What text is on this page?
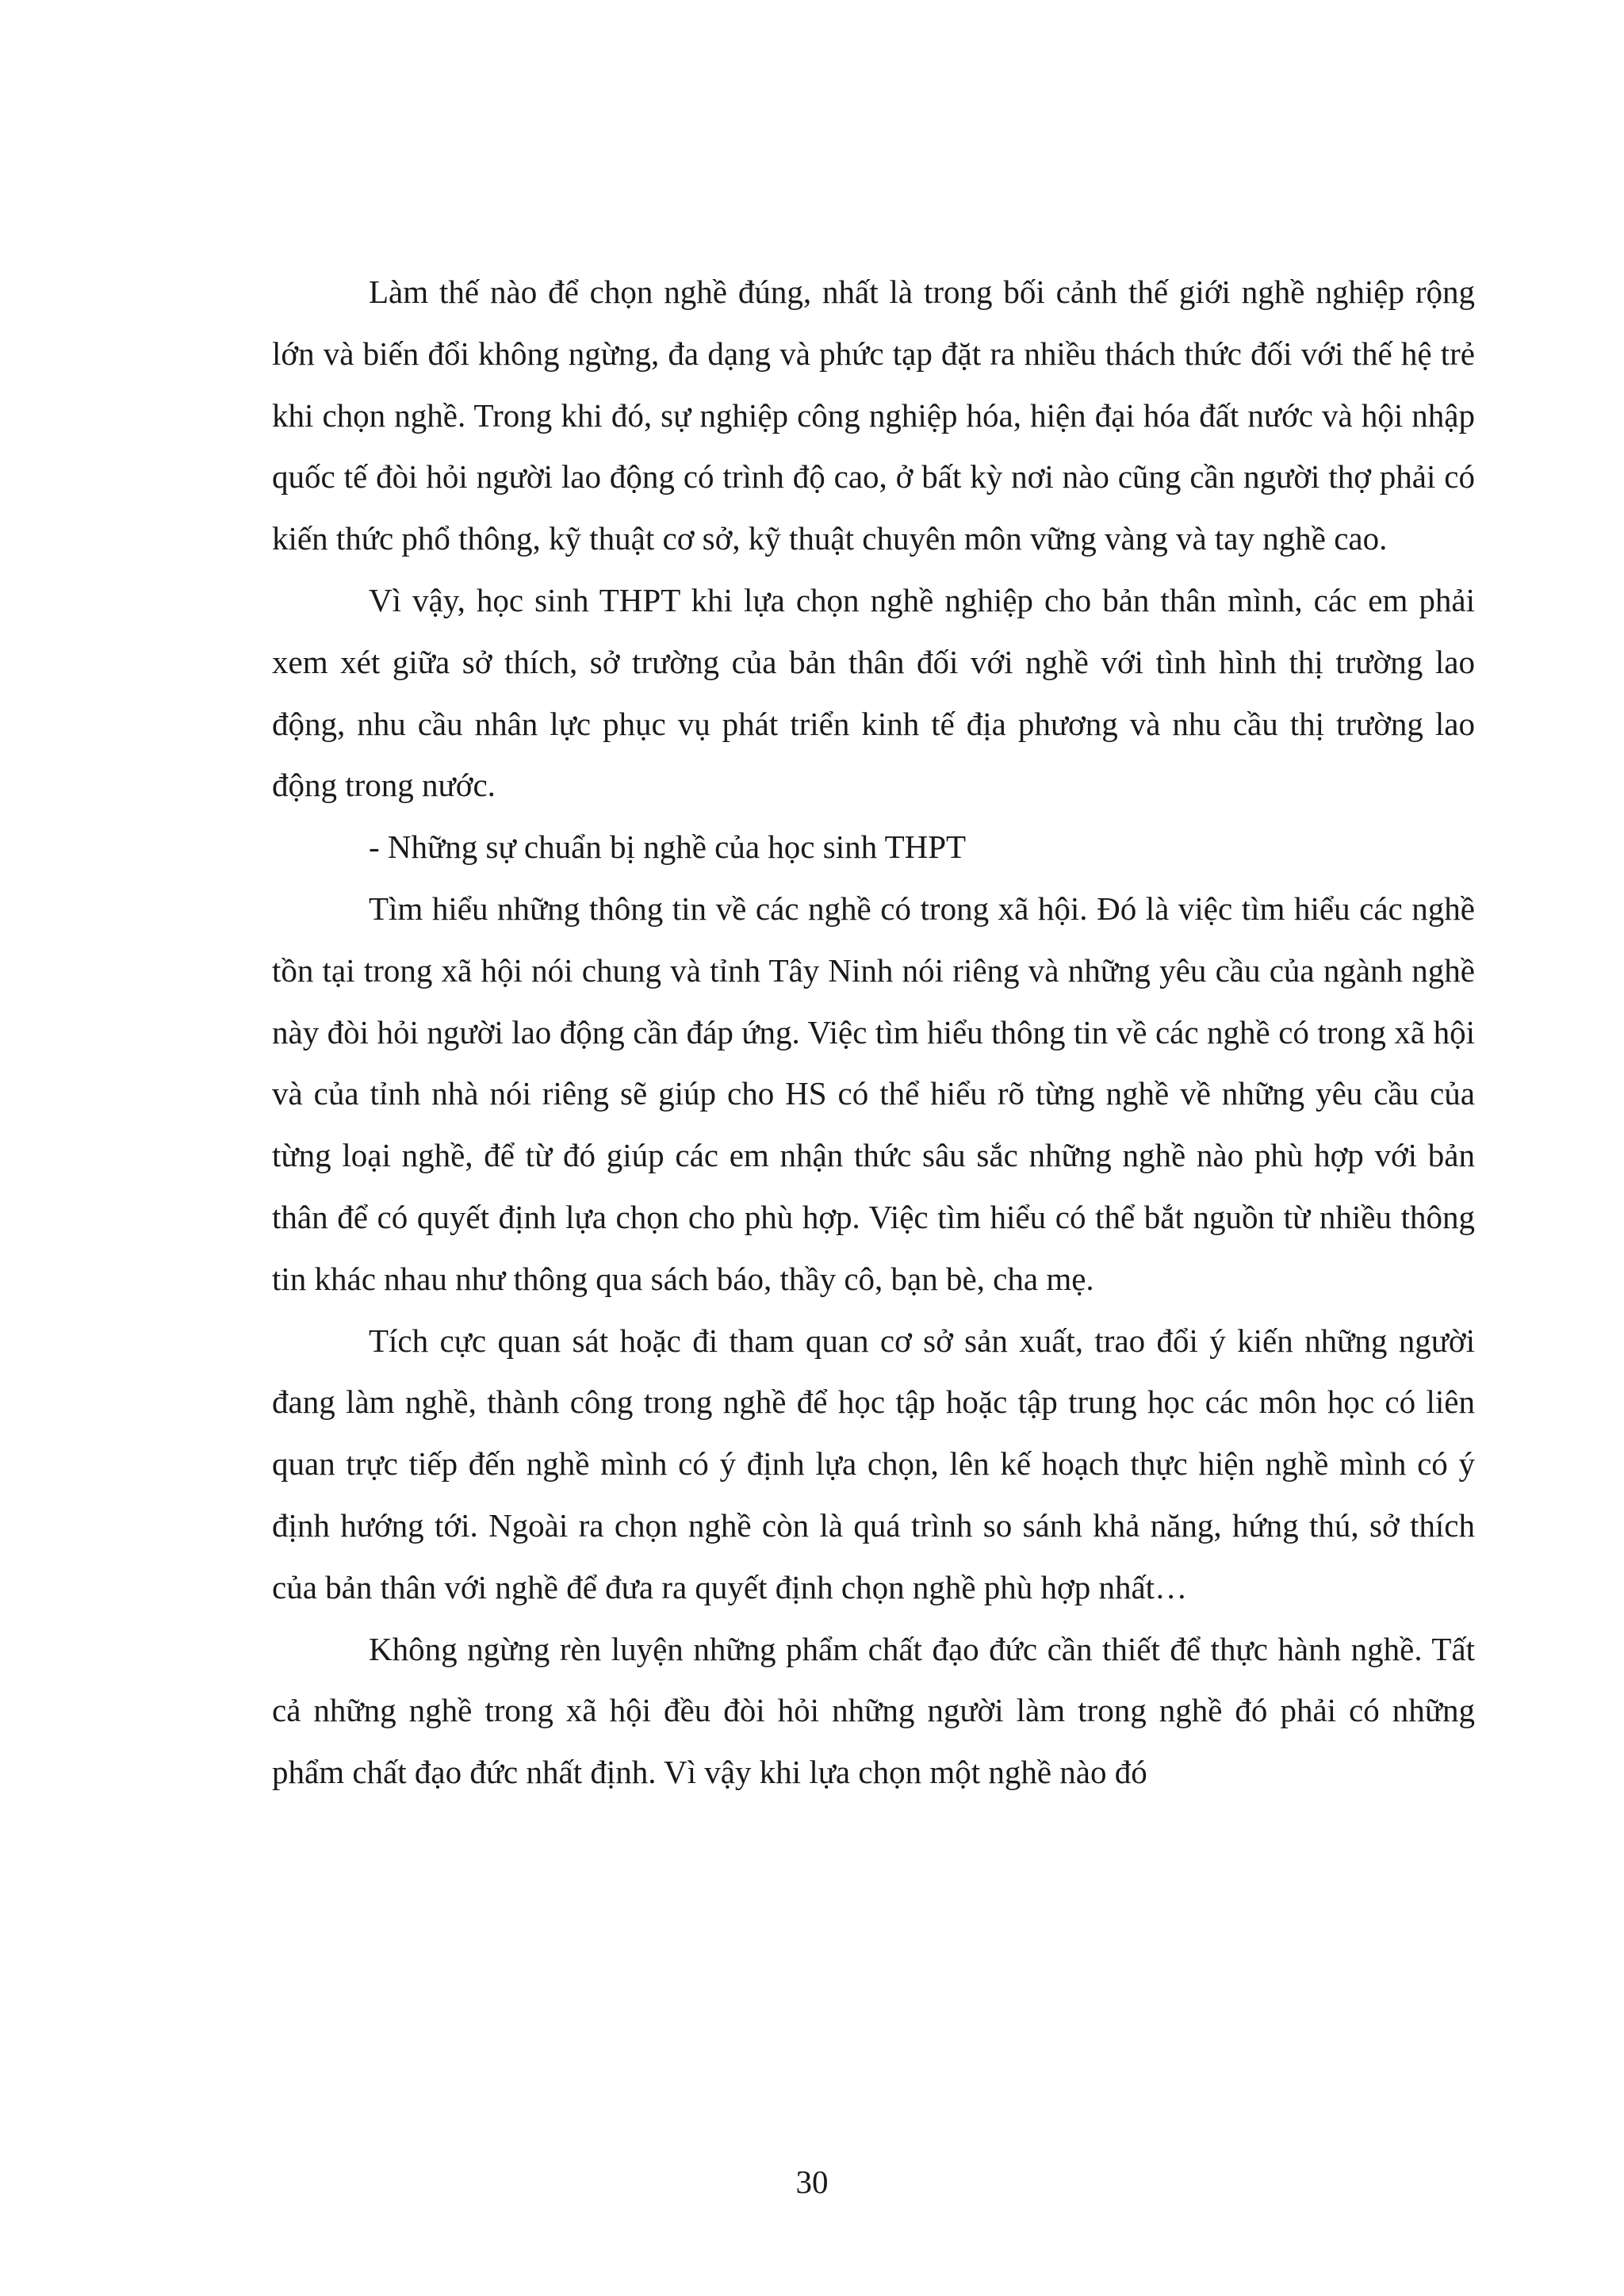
Làm thế nào để chọn nghề đúng, nhất là trong bối cảnh thế giới nghề nghiệp rộng lớn và biến đổi không ngừng, đa dạng và phức tạp đặt ra nhiều thách thức đối với thế hệ trẻ khi chọn nghề. Trong khi đó, sự nghiệp công nghiệp hóa, hiện đại hóa đất nước và hội nhập quốc tế đòi hỏi người lao động có trình độ cao, ở bất kỳ nơi nào cũng cần người thợ phải có kiến thức phổ thông, kỹ thuật cơ sở, kỹ thuật chuyên môn vững vàng và tay nghề cao.

Vì vậy, học sinh THPT khi lựa chọn nghề nghiệp cho bản thân mình, các em phải xem xét giữa sở thích, sở trường của bản thân đối với nghề với tình hình thị trường lao động, nhu cầu nhân lực phục vụ phát triển kinh tế địa phương và nhu cầu thị trường lao động trong nước.

- Những sự chuẩn bị nghề của học sinh THPT

Tìm hiểu những thông tin về các nghề có trong xã hội. Đó là việc tìm hiểu các nghề tồn tại trong xã hội nói chung và tỉnh Tây Ninh nói riêng và những yêu cầu của ngành nghề này đòi hỏi người lao động cần đáp ứng. Việc tìm hiểu thông tin về các nghề có trong xã hội và của tỉnh nhà nói riêng sẽ giúp cho HS có thể hiểu rõ từng nghề về những yêu cầu của từng loại nghề, để từ đó giúp các em nhận thức sâu sắc những nghề nào phù hợp với bản thân để có quyết định lựa chọn cho phù hợp. Việc tìm hiểu có thể bắt nguồn từ nhiều thông tin khác nhau như thông qua sách báo, thầy cô, bạn bè, cha mẹ.

Tích cực quan sát hoặc đi tham quan cơ sở sản xuất, trao đổi ý kiến những người đang làm nghề, thành công trong nghề để học tập hoặc tập trung học các môn học có liên quan trực tiếp đến nghề mình có ý định lựa chọn, lên kế hoạch thực hiện nghề mình có ý định hướng tới. Ngoài ra chọn nghề còn là quá trình so sánh khả năng, hứng thú, sở thích của bản thân với nghề để đưa ra quyết định chọn nghề phù hợp nhất…

Không ngừng rèn luyện những phẩm chất đạo đức cần thiết để thực hành nghề. Tất cả những nghề trong xã hội đều đòi hỏi những người làm trong nghề đó phải có những phẩm chất đạo đức nhất định. Vì vậy khi lựa chọn một nghề nào đó

30
